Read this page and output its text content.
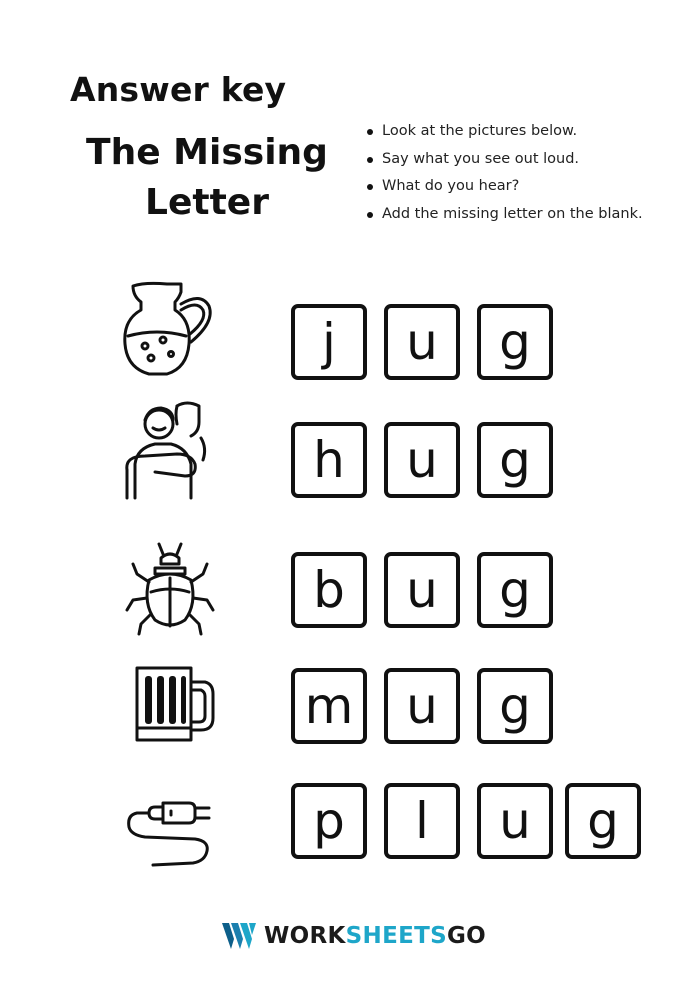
Answer key
The Missing
Letter
Look at the pictures below.
Say what you see out loud.
What do you hear?
Add the missing letter on the blank.
j u g
h u g
b u g
m u g
p l u g
WORKSHEETSGO
